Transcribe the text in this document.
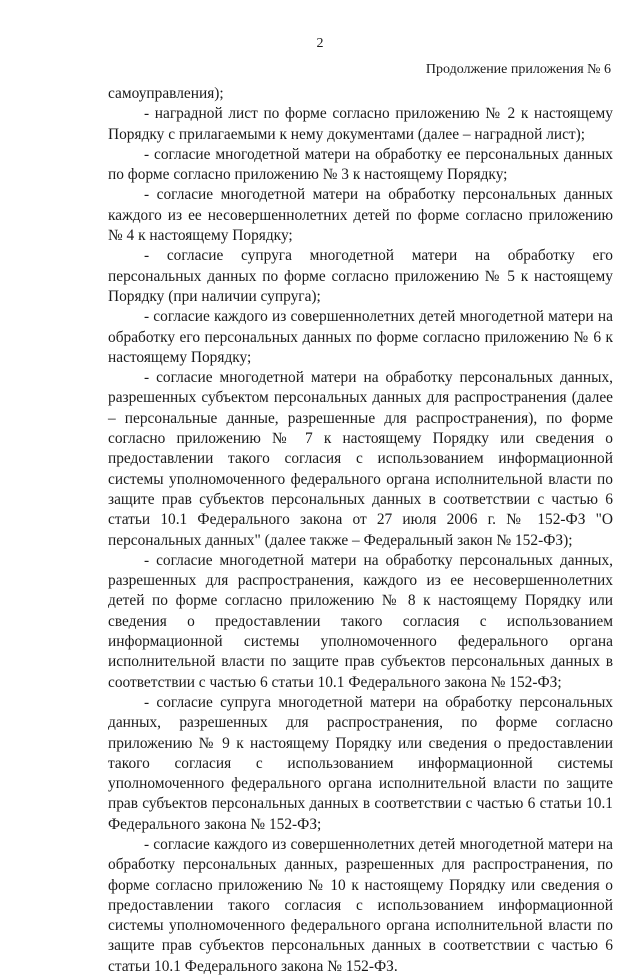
2
Продолжение приложения № 6

самоуправления);

- наградной лист по форме согласно приложению № 2 к настоящему Порядку с прилагаемыми к нему документами (далее – наградной лист);

- согласие многодетной матери на обработку ее персональных данных по форме согласно приложению № 3 к настоящему Порядку;

- согласие многодетной матери на обработку персональных данных каждого из ее несовершеннолетних детей по форме согласно приложению № 4 к настоящему Порядку;

- согласие супруга многодетной матери на обработку его персональных данных по форме согласно приложению № 5 к настоящему Порядку (при наличии супруга);

- согласие каждого из совершеннолетних детей многодетной матери на обработку его персональных данных по форме согласно приложению № 6 к настоящему Порядку;

- согласие многодетной матери на обработку персональных данных, разрешенных субъектом персональных данных для распространения (далее – персональные данные, разрешенные для распространения), по форме согласно приложению № 7 к настоящему Порядку или сведения о предоставлении такого согласия с использованием информационной системы уполномоченного федерального органа исполнительной власти по защите прав субъектов персональных данных в соответствии с частью 6 статьи 10.1 Федерального закона от 27 июля 2006 г. № 152-ФЗ "О персональных данных" (далее также – Федеральный закон № 152-ФЗ);

- согласие многодетной матери на обработку персональных данных, разрешенных для распространения, каждого из ее несовершеннолетних детей по форме согласно приложению № 8 к настоящему Порядку или сведения о предоставлении такого согласия с использованием информационной системы уполномоченного федерального органа исполнительной власти по защите прав субъектов персональных данных в соответствии с частью 6 статьи 10.1 Федерального закона № 152-ФЗ;

- согласие супруга многодетной матери на обработку персональных данных, разрешенных для распространения, по форме согласно приложению № 9 к настоящему Порядку или сведения о предоставлении такого согласия с использованием информационной системы уполномоченного федерального органа исполнительной власти по защите прав субъектов персональных данных в соответствии с частью 6 статьи 10.1 Федерального закона № 152-ФЗ;

- согласие каждого из совершеннолетних детей многодетной матери на обработку персональных данных, разрешенных для распространения, по форме согласно приложению № 10 к настоящему Порядку или сведения о предоставлении такого согласия с использованием информационной системы уполномоченного федерального органа исполнительной власти по защите прав субъектов персональных данных в соответствии с частью 6 статьи 10.1 Федерального закона № 152-ФЗ.
